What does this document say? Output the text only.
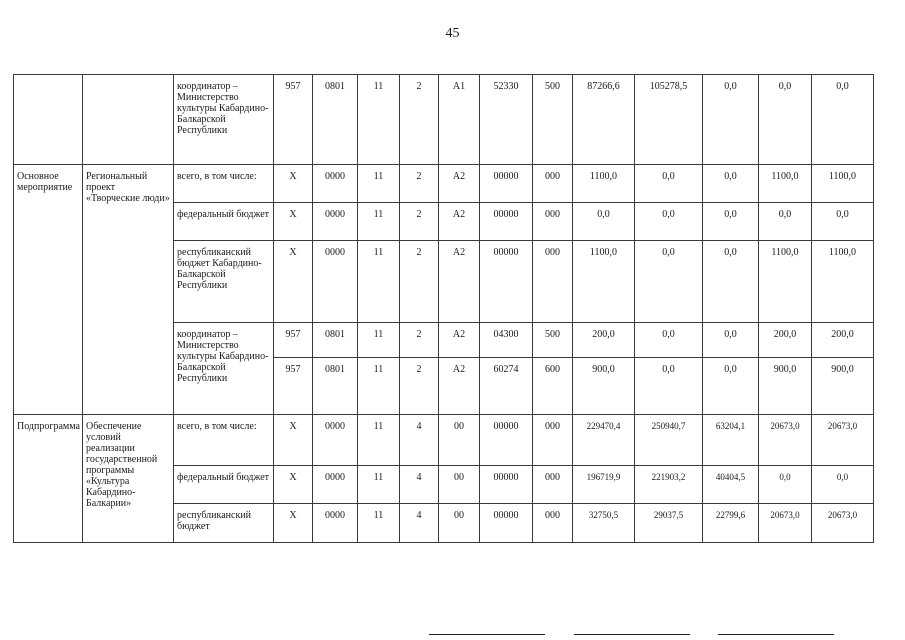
45
		координатор – Министерство культуры Кабардино-Балкарской Республики	957	0801	11	2	А1	52330	500	87266,6	105278,5	0,0	0,0	0,0
Основное мероприятие	Региональный проект «Творческие люди»	всего, в том числе:	X	0000	11	2	А2	00000	000	1100,0	0,0	0,0	1100,0	1100,0
		федеральный бюджет	X	0000	11	2	А2	00000	000	0,0	0,0	0,0	0,0	0,0
		республиканский бюджет Кабардино-Балкарской Республики	X	0000	11	2	А2	00000	000	1100,0	0,0	0,0	1100,0	1100,0
		координатор – Министерство культуры Кабардино-Балкарской Республики	957	0801	11	2	А2	04300	500	200,0	0,0	0,0	200,0	200,0
			957	0801	11	2	А2	60274	600	900,0	0,0	0,0	900,0	900,0
Подпрограмма	Обеспечение условий реализации государственной программы «Культура Кабардино-Балкарии»	всего, в том числе:	X	0000	11	4	00	00000	000	229470,4	250940,7	63204,1	20673,0	20673,0
		федеральный бюджет	X	0000	11	4	00	00000	000	196719,9	221903,2	40404,5	0,0	0,0
		республиканский бюджет	X	0000	11	4	00	00000	000	32750,5	29037,5	22799,6	20673,0	20673,0
